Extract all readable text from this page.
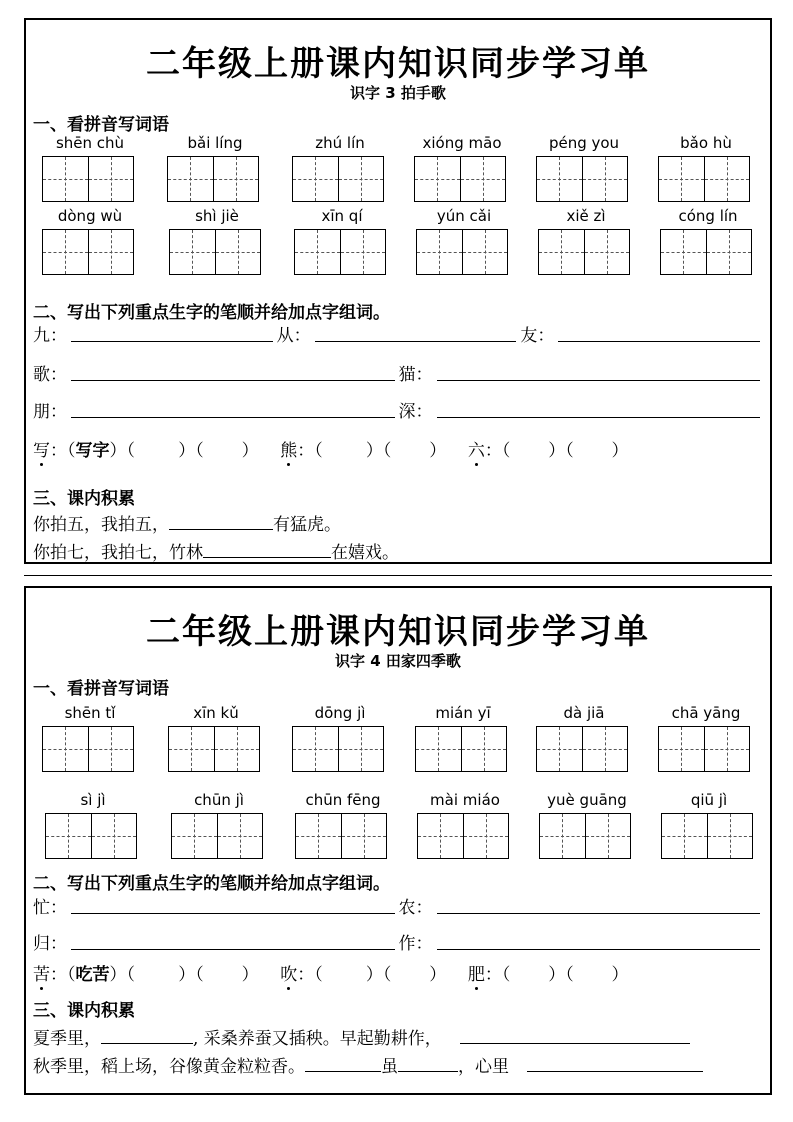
二年级上册课内知识同步学习单
识字 3 拍手歌
一、看拼音写词语
shēn chù	bǎi líng	zhú lín	xióng māo	péng you	bǎo hù
dòng wù	shì jiè	xīn qí	yún cǎi	xiě zì	cóng lín
二、写出下列重点生字的笔顺并给加点字组词。
九：	从：	友：
歌：	猫：
朋：	深：
写：（写字）（	）（ ） 熊：（	）（ ） 六：（ ）（ ）
三、课内积累
你拍五，我拍五，	有猛虎。
你拍七，我拍七，竹林	在嬉戏。
二年级上册课内知识同步学习单
识字 4 田家四季歌
一、看拼音写词语
shēn tǐ	xīn kǔ	dōng jì	mián yī	dà jiā	chā yāng
sì jì	chūn jì	chūn fēng	mài miáo	yuè guāng	qiū jì
二、写出下列重点生字的笔顺并给加点字组词。
忙：	农：
归：	作：
苦：（吃苦）（	）（ ） 吹：（	）（ ） 肥：（ ）（ ）
三、课内积累
夏季里，	, 采桑养蚕又插秧。早起勤耕作，
秋季里，稻上场，谷像黄金粒粒香。	虽	，心里
